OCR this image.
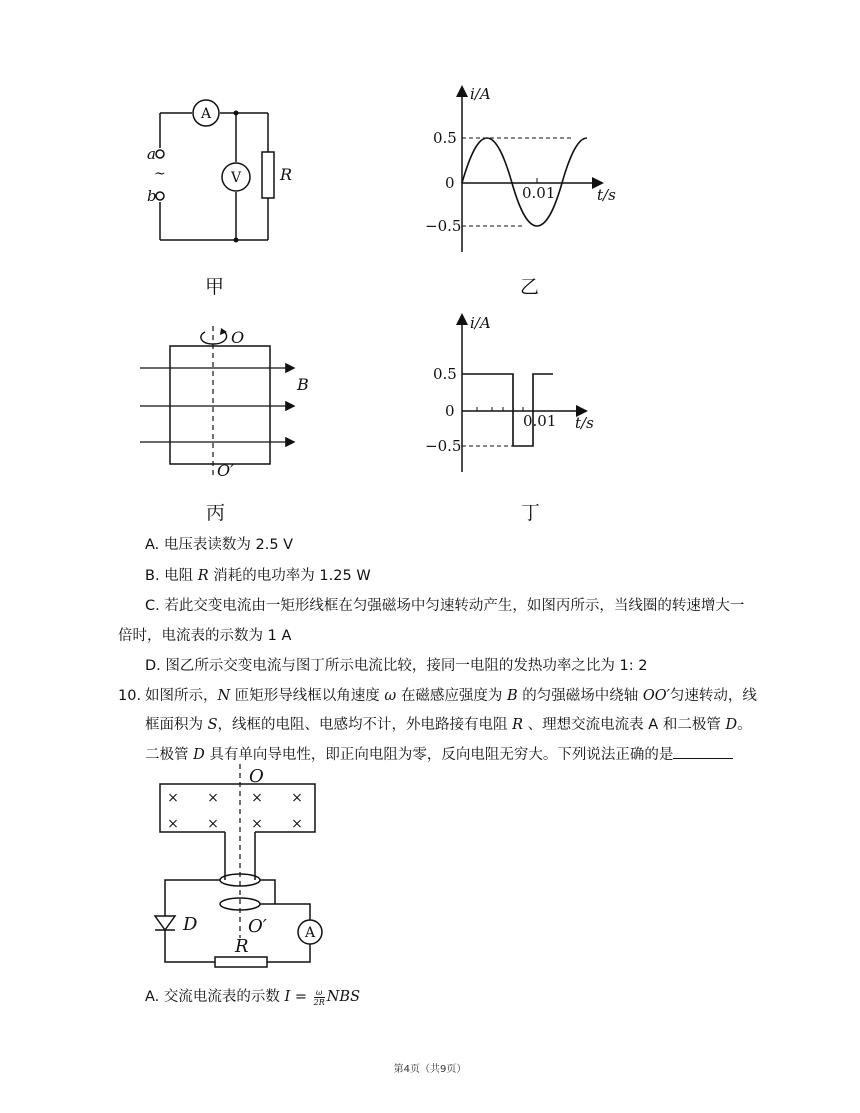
A
V R
a
~
b
甲
i/A
t/s
0.5
−0.5
0
0.01
乙
O
O′
B
丙
i/A
t/s
0.5
−0.5
0
0.01
丁
A. 电压表读数为 2.5 V
B. 电阻 R 消耗的电功率为 1.25 W
C. 若此交变电流由一矩形线框在匀强磁场中匀速转动产生，如图丙所示，当线圈的转速增大一
倍时，电流表的示数为 1 A
D. 图乙所示交变电流与图丁所示电流比较，接同一电阻的发热功率之比为 1: 2
10. 如图所示，N 匝矩形导线框以角速度 ω 在磁感应强度为 B 的匀强磁场中绕轴 OO′匀速转动，线
框面积为 S，线框的电阻、电感均不计，外电路接有电阻 R 、理想交流电流表 A 和二极管 D。
二极管 D 具有单向导电性，即正向电阻为零，反向电阻无穷大。下列说法正确的是
O
× × × ×
× × × ×
D	A
R
O′
A. 交流电流表的示数 $I = \frac{\omega}{2R}$ NBS
第4页（共9页）
